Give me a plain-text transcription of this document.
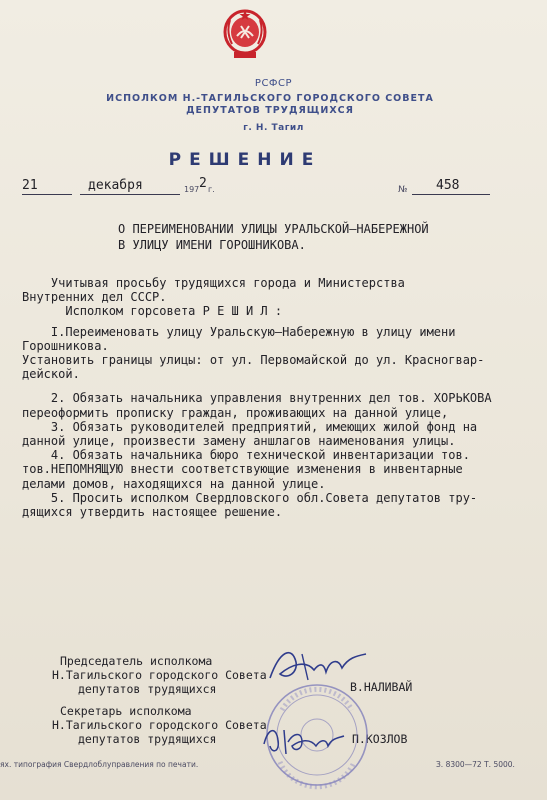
РСФСР
ИСПОЛКОМ Н.-ТАГИЛЬСКОГО ГОРОДСКОГО СОВЕТА
ДЕПУТАТОВ ТРУДЯЩИХСЯ
г. Н. Тагил
РЕШЕНИЕ
21	декабря	197 2 г.	№ 458
О ПЕРЕИМЕНОВАНИИ УЛИЦЫ УРАЛЬСКОЙ–НАБЕРЕЖНОЙ
В УЛИЦУ ИМЕНИ ГОРОШНИКОВА.
Учитывая просьбу трудящихся города и Министерства
Внутренних дел СССР.
Исполком горсовета Р Е Ш И Л :
I.Переименовать улицу Уральскую–Набережную в улицу имени
Горошникова.
Установить границы улицы: от ул. Первомайской до ул. Красногвар-
дейской.
2. Обязать начальника управления внутренних дел тов. ХОРЬКОВА
переоформить прописку граждан, проживающих на данной улице,
3. Обязать руководителей предприятий, имеющих жилой фонд на
данной улице, произвести замену аншлагов наименования улицы.
4. Обязать начальника бюро технической инвентаризации тов.
тов.НЕПОМНЯЩУЮ внести соответствующие изменения в инвентарные
делами домов, находящихся на данной улице.
5. Просить исполком Свердловского обл.Совета депутатов тру-
дящихся утвердить настоящее решение.
Председатель исполкома
Н.Тагильского городского Совета
депутатов трудящихся	В.НАЛИВАЙ
Секретарь исполкома
Н.Тагильского городского Совета
депутатов трудящихся	П.КОЗЛОВ
ях. типография Свердлоблуправления по печати.	З. 8300—72 Т. 5000.
